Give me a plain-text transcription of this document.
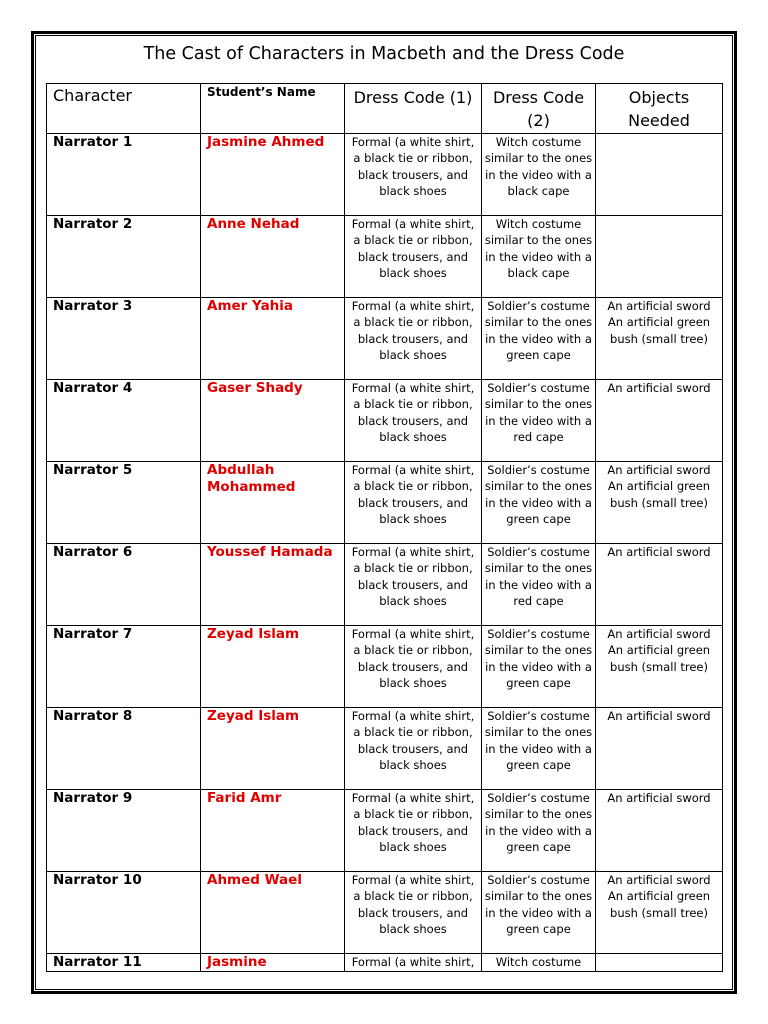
The Cast of Characters in Macbeth and the Dress Code
Character	Student’s Name	Dress Code (1)	Dress Code (2)	Objects Needed
Narrator 1	Jasmine Ahmed	Formal (a white shirt, a black tie or ribbon, black trousers, and black shoes	Witch costume similar to the ones in the video with a black cape	
Narrator 2	Anne Nehad	Formal (a white shirt, a black tie or ribbon, black trousers, and black shoes	Witch costume similar to the ones in the video with a black cape	
Narrator 3	Amer Yahia	Formal (a white shirt, a black tie or ribbon, black trousers, and black shoes	Soldier’s costume similar to the ones in the video with a green cape	An artificial sword An artificial green bush (small tree)
Narrator 4	Gaser Shady	Formal (a white shirt, a black tie or ribbon, black trousers, and black shoes	Soldier’s costume similar to the ones in the video with a red cape	An artificial sword
Narrator 5	Abdullah Mohammed	Formal (a white shirt, a black tie or ribbon, black trousers, and black shoes	Soldier’s costume similar to the ones in the video with a green cape	An artificial sword An artificial green bush (small tree)
Narrator 6	Youssef Hamada	Formal (a white shirt, a black tie or ribbon, black trousers, and black shoes	Soldier’s costume similar to the ones in the video with a red cape	An artificial sword
Narrator 7	Zeyad Islam	Formal (a white shirt, a black tie or ribbon, black trousers, and black shoes	Soldier’s costume similar to the ones in the video with a green cape	An artificial sword An artificial green bush (small tree)
Narrator 8	Zeyad Islam	Formal (a white shirt, a black tie or ribbon, black trousers, and black shoes	Soldier’s costume similar to the ones in the video with a green cape	An artificial sword
Narrator 9	Farid Amr	Formal (a white shirt, a black tie or ribbon, black trousers, and black shoes	Soldier’s costume similar to the ones in the video with a green cape	An artificial sword
Narrator 10	Ahmed Wael	Formal (a white shirt, a black tie or ribbon, black trousers, and black shoes	Soldier’s costume similar to the ones in the video with a green cape	An artificial sword An artificial green bush (small tree)
Narrator 11	Jasmine	Formal (a white shirt,	Witch costume	
